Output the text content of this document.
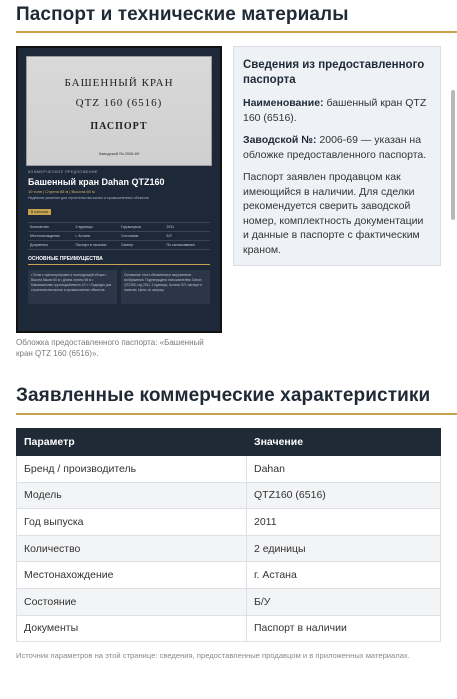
Паспорт и технические материалы
БАШЕННЫЙ КРАН
QTZ 160 (6516)
ПАСПОРТ
Заводской № 2006-69
КОММЕРЧЕСКОЕ ПРЕДЛОЖЕНИЕ
Башенный кран Dahan QTZ160
10 тонн | Стрела 65 м | Высота 60 м
Надёжное решение для строительства жилых и промышленных объектов
В наличии
Количество	2 единицы	Год выпуска	2011
Местонахождение	г. Астана	Состояние	Б/У
Документы	Паспорт в наличии	Осмотр	По согласованию
ОСНОВНЫЕ ПРЕИМУЩЕСТВА
• Готов к транспортировке и последующей сборке • Высота башни 60 м • Длина стрелы 65 м • Максимальная грузоподъёмность 10 т • Подходит для строительства жилых и промышленных объектов
Основание: текст объявления и загруженные изображения. Подтверждено пользователем: Dahan QTZ160, год 2011, 2 единицы, Астана, Б/У, паспорт в наличии. Цена: по запросу.
Обложка предоставленного паспорта: «Башенный кран QTZ 160 (6516)».
Сведения из предоставленного паспорта

Наименование: башенный кран QTZ 160 (6516).

Заводской №: 2006-69 — указан на обложке предоставленного паспорта.

Паспорт заявлен продавцом как имеющийся в наличии. Для сделки рекомендуется сверить заводской номер, комплектность документации и данные в паспорте с фактическим краном.

Заявленные коммерческие характеристики
Параметр	Значение
Бренд / производитель	Dahan
Модель	QTZ160 (6516)
Год выпуска	2011
Количество	2 единицы
Местонахождение	г. Астана
Состояние	Б/У
Документы	Паспорт в наличии
Источник параметров на этой странице: сведения, предоставленные продавцом и в приложенных материалах.
